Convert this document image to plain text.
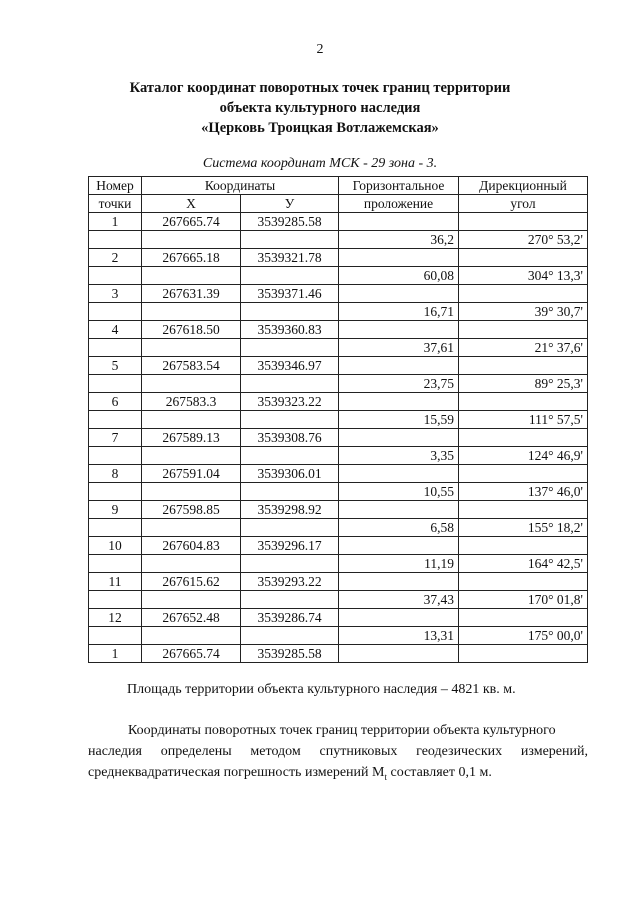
2
Каталог координат поворотных точек границ территории
объекта культурного наследия
«Церковь Троицкая Вотлажемская»
Система координат МСК - 29 зона - 3.
Номер	Координаты		Горизонтальное	Дирекционный
точки	X	У	проложение	угол
1	267665.74	3539285.58		
			36,2	270° 53,2'
2	267665.18	3539321.78		
			60,08	304° 13,3'
3	267631.39	3539371.46		
			16,71	39° 30,7'
4	267618.50	3539360.83		
			37,61	21° 37,6'
5	267583.54	3539346.97		
			23,75	89° 25,3'
6	267583.3	3539323.22		
			15,59	111° 57,5'
7	267589.13	3539308.76		
			3,35	124° 46,9'
8	267591.04	3539306.01		
			10,55	137° 46,0'
9	267598.85	3539298.92		
			6,58	155° 18,2'
10	267604.83	3539296.17		
			11,19	164° 42,5'
11	267615.62	3539293.22		
			37,43	170° 01,8'
12	267652.48	3539286.74		
			13,31	175° 00,0'
1	267665.74	3539285.58		
Площадь территории объекта культурного наследия – 4821 кв. м.
Координаты поворотных точек границ территории объекта культурного
наследия определены методом спутниковых геодезических измерений,
среднеквадратическая погрешность измерений $M_t$ составляет 0,1 м.
